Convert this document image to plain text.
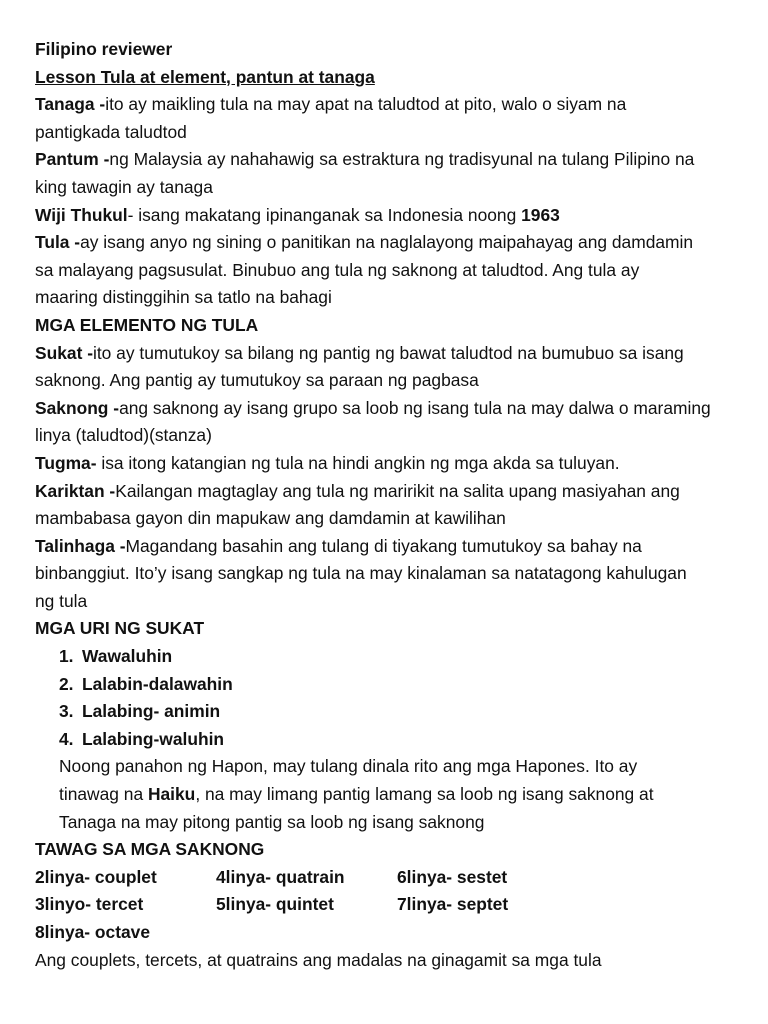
Filipino reviewer
Lesson Tula at element, pantun at tanaga
Tanaga -ito ay maikling tula na may apat na taludtod at pito, walo o siyam na
pantigkada taludtod
Pantum -ng Malaysia ay nahahawig sa estraktura ng tradisyunal na tulang Pilipino na
king tawagin ay tanaga
Wiji Thukul- isang makatang ipinanganak sa Indonesia noong 1963
Tula -ay isang anyo ng sining o panitikan na naglalayong maipahayag ang damdamin
sa malayang pagsusulat. Binubuo ang tula ng saknong at taludtod. Ang tula ay
maaring distinggihin sa tatlo na bahagi
MGA ELEMENTO NG TULA
Sukat -ito ay tumutukoy sa bilang ng pantig ng bawat taludtod na bumubuo sa isang
saknong. Ang pantig ay tumutukoy sa paraan ng pagbasa
Saknong -ang saknong ay isang grupo sa loob ng isang tula na may dalwa o maraming
linya (taludtod)(stanza)
Tugma- isa itong katangian ng tula na hindi angkin ng mga akda sa tuluyan.
Kariktan -Kailangan magtaglay ang tula ng maririkit na salita upang masiyahan ang
mambabasa gayon din mapukaw ang damdamin at kawilihan
Talinhaga -Magandang basahin ang tulang di tiyakang tumutukoy sa bahay na
binbanggiut. Ito’y isang sangkap ng tula na may kinalaman sa natatagong kahulugan
ng tula
MGA URI NG SUKAT
1. Wawaluhin
2. Lalabin-dalawahin
3. Lalabing- animin
4. Lalabing-waluhin
Noong panahon ng Hapon, may tulang dinala rito ang mga Hapones. Ito ay
tinawag na Haiku, na may limang pantig lamang sa loob ng isang saknong at
Tanaga na may pitong pantig sa loob ng isang saknong
TAWAG SA MGA SAKNONG
2linya- couplet	4linya- quatrain	6linya- sestet
3linyo- tercet	5linya- quintet	7linya- septet
8linya- octave
Ang couplets, tercets, at quatrains ang madalas na ginagamit sa mga tula
